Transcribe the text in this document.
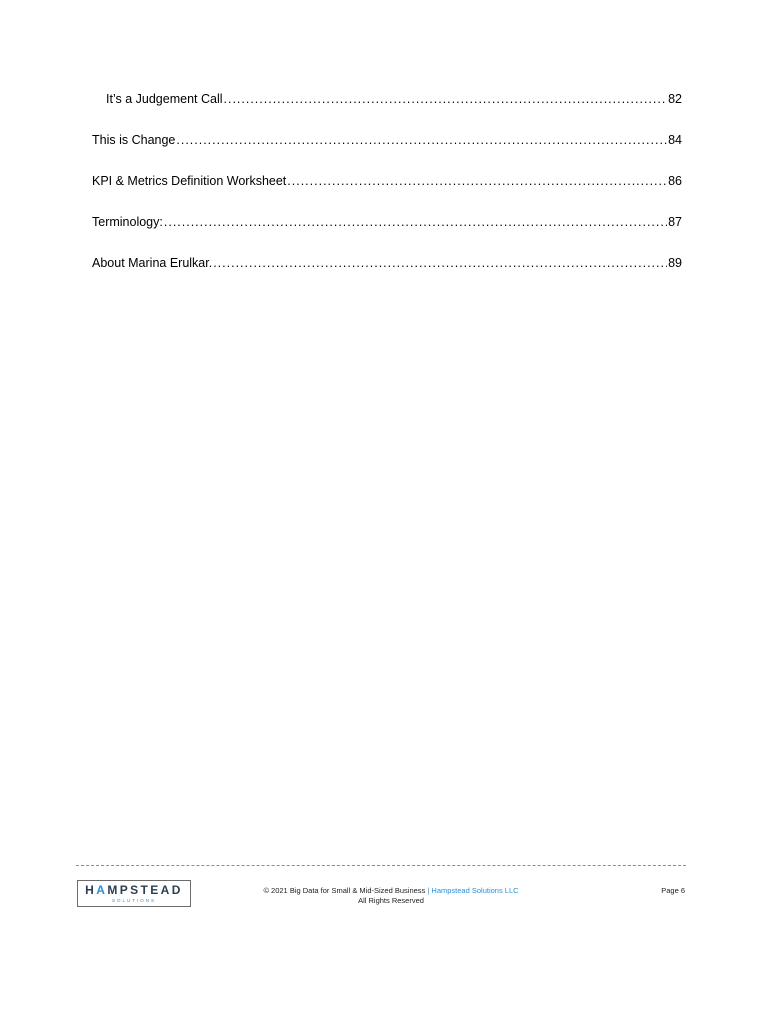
It’s a Judgement Call .....	82
This is Change .....	84
KPI & Metrics Definition Worksheet .....	86
Terminology: .....	87
About Marina Erulkar. .....	89
HAMPSTEAD
SOLUTIONS
© 2021 Big Data for Small & Mid-Sized Business | Hampstead Solutions LLC
All Rights Reserved
Page 6
